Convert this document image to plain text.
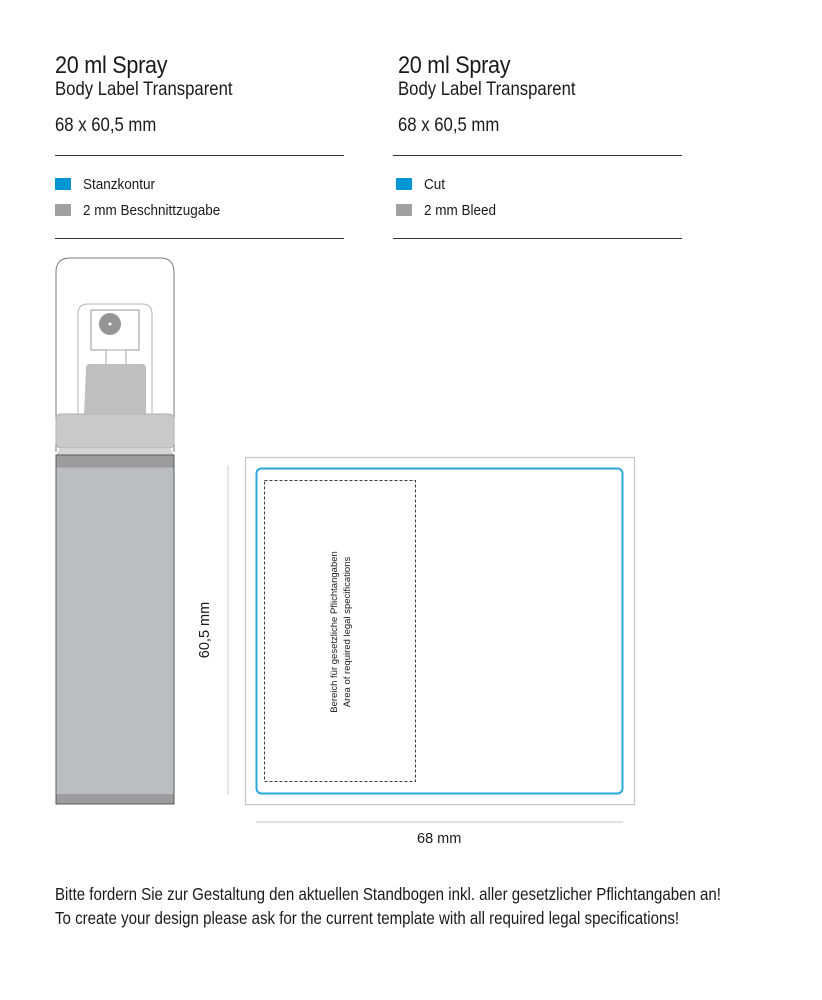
20 ml Spray
Body Label Transparent
68 x 60,5 mm
Stanzkontur
2 mm Beschnittzugabe
20 ml Spray
Body Label Transparent
68 x 60,5 mm
Cut
2 mm Bleed
Bereich für gesetzliche Pflichtangaben Area of required legal specifications
60,5 mm
68 mm
Bitte fordern Sie zur Gestaltung den aktuellen Standbogen inkl. aller gesetzlicher Pflichtangaben an!
To create your design please ask for the current template with all required legal specifications!
